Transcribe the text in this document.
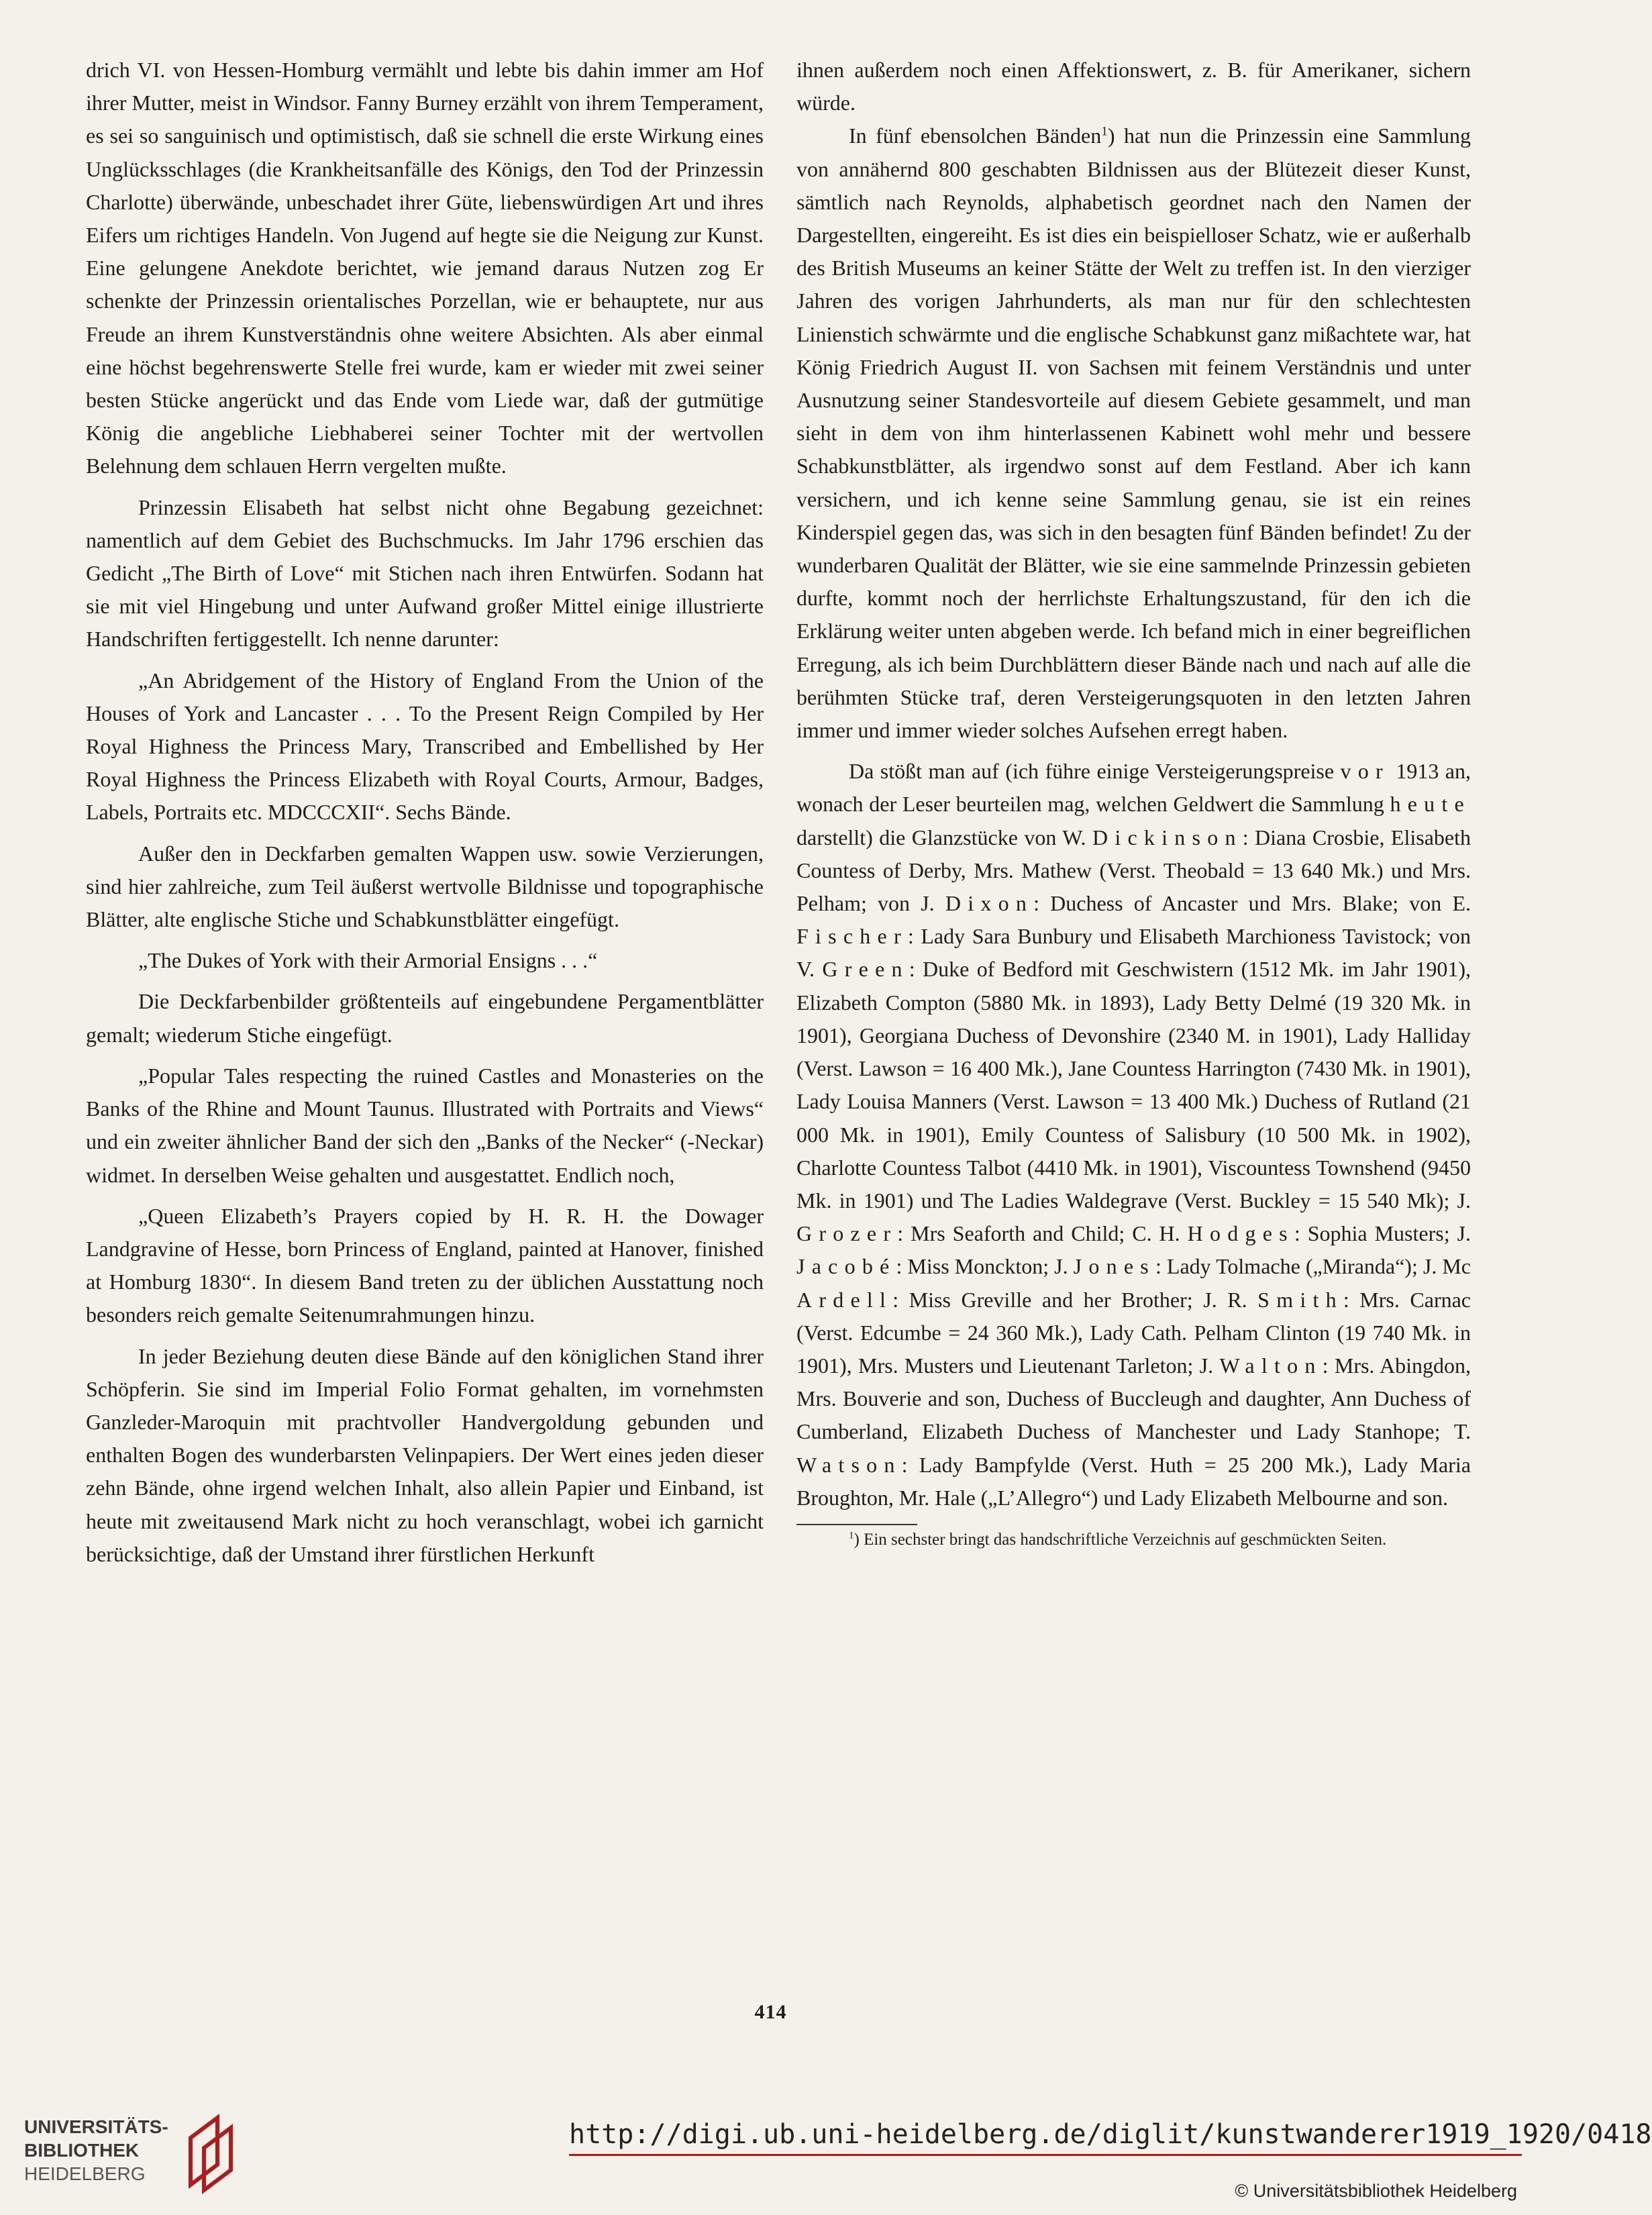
drich VI. von Hessen-Homburg vermählt und lebte bis dahin immer am Hof ihrer Mutter, meist in Windsor. Fanny Burney erzählt von ihrem Temperament, es sei so sanguinisch und optimistisch, daß sie schnell die erste Wirkung eines Unglücksschlages (die Krankheitsanfälle des Königs, den Tod der Prinzessin Charlotte) überwände, unbeschadet ihrer Güte, liebenswürdigen Art und ihres Eifers um richtiges Handeln. Von Jugend auf hegte sie die Neigung zur Kunst. Eine gelungene Anekdote berichtet, wie jemand daraus Nutzen zog Er schenkte der Prinzessin orientalisches Porzellan, wie er behauptete, nur aus Freude an ihrem Kunstverständnis ohne weitere Absichten. Als aber einmal eine höchst begehrenswerte Stelle frei wurde, kam er wieder mit zwei seiner besten Stücke angerückt und das Ende vom Liede war, daß der gutmütige König die angebliche Liebhaberei seiner Tochter mit der wertvollen Belehnung dem schlauen Herrn vergelten mußte.

Prinzessin Elisabeth hat selbst nicht ohne Begabung gezeichnet: namentlich auf dem Gebiet des Buchschmucks. Im Jahr 1796 erschien das Gedicht „The Birth of Love“ mit Stichen nach ihren Entwürfen. Sodann hat sie mit viel Hingebung und unter Aufwand großer Mittel einige illustrierte Handschriften fertiggestellt. Ich nenne darunter:

„An Abridgement of the History of England From the Union of the Houses of York and Lancaster . . . To the Present Reign Compiled by Her Royal Highness the Princess Mary, Transcribed and Embellished by Her Royal Highness the Princess Elizabeth with Royal Courts, Armour, Badges, Labels, Portraits etc. MDCCCXII“. Sechs Bände.

Außer den in Deckfarben gemalten Wappen usw. sowie Verzierungen, sind hier zahlreiche, zum Teil äußerst wertvolle Bildnisse und topographische Blätter, alte englische Stiche und Schabkunstblätter eingefügt.

„The Dukes of York with their Armorial Ensigns . . .“

Die Deckfarbenbilder größtenteils auf eingebundene Pergamentblätter gemalt; wiederum Stiche eingefügt.

„Popular Tales respecting the ruined Castles and Monasteries on the Banks of the Rhine and Mount Taunus. Illustrated with Portraits and Views“ und ein zweiter ähnlicher Band der sich den „Banks of the Necker“ (-Neckar) widmet. In derselben Weise gehalten und ausgestattet. Endlich noch,

„Queen Elizabeth’s Prayers copied by H. R. H. the Dowager Landgravine of Hesse, born Princess of England, painted at Hanover, finished at Homburg 1830“. In diesem Band treten zu der üblichen Ausstattung noch besonders reich gemalte Seitenumrahmungen hinzu.

In jeder Beziehung deuten diese Bände auf den königlichen Stand ihrer Schöpferin. Sie sind im Imperial Folio Format gehalten, im vornehmsten Ganzleder-Maroquin mit prachtvoller Handvergoldung gebunden und enthalten Bogen des wunderbarsten Velinpapiers. Der Wert eines jeden dieser zehn Bände, ohne irgend welchen Inhalt, also allein Papier und Einband, ist heute mit zweitausend Mark nicht zu hoch veranschlagt, wobei ich garnicht berücksichtige, daß der Umstand ihrer fürstlichen Herkunft

ihnen außerdem noch einen Affektionswert, z. B. für Amerikaner, sichern würde.

In fünf ebensolchen Bänden$^1$) hat nun die Prinzessin eine Sammlung von annähernd 800 geschabten Bildnissen aus der Blütezeit dieser Kunst, sämtlich nach Reynolds, alphabetisch geordnet nach den Namen der Dargestellten, eingereiht. Es ist dies ein beispielloser Schatz, wie er außerhalb des British Museums an keiner Stätte der Welt zu treffen ist. In den vierziger Jahren des vorigen Jahrhunderts, als man nur für den schlechtesten Linienstich schwärmte und die englische Schabkunst ganz mißachtete war, hat König Friedrich August II. von Sachsen mit feinem Verständnis und unter Ausnutzung seiner Standesvorteile auf diesem Gebiete gesammelt, und man sieht in dem von ihm hinterlassenen Kabinett wohl mehr und bessere Schabkunstblätter, als irgendwo sonst auf dem Festland. Aber ich kann versichern, und ich kenne seine Sammlung genau, sie ist ein reines Kinderspiel gegen das, was sich in den besagten fünf Bänden befindet! Zu der wunderbaren Qualität der Blätter, wie sie eine sammelnde Prinzessin gebieten durfte, kommt noch der herrlichste Erhaltungszustand, für den ich die Erklärung weiter unten abgeben werde. Ich befand mich in einer begreiflichen Erregung, als ich beim Durchblättern dieser Bände nach und nach auf alle die berühmten Stücke traf, deren Versteigerungsquoten in den letzten Jahren immer und immer wieder solches Aufsehen erregt haben.

Da stößt man auf (ich führe einige Versteigerungspreise vor 1913 an, wonach der Leser beurteilen mag, welchen Geldwert die Sammlung heute darstellt) die Glanzstücke von W. Dickinson: Diana Crosbie, Elisabeth Countess of Derby, Mrs. Mathew (Verst. Theobald = 13 640 Mk.) und Mrs. Pelham; von J. Dixon: Duchess of Ancaster und Mrs. Blake; von E. Fischer: Lady Sara Bunbury und Elisabeth Marchioness Tavistock; von V. Green: Duke of Bedford mit Geschwistern (1512 Mk. im Jahr 1901), Elizabeth Compton (5880 Mk. in 1893), Lady Betty Delmé (19 320 Mk. in 1901), Georgiana Duchess of Devonshire (2340 M. in 1901), Lady Halliday (Verst. Lawson = 16 400 Mk.), Jane Countess Harrington (7430 Mk. in 1901), Lady Louisa Manners (Verst. Lawson = 13 400 Mk.) Duchess of Rutland (21 000 Mk. in 1901), Emily Countess of Salisbury (10 500 Mk. in 1902), Charlotte Countess Talbot (4410 Mk. in 1901), Viscountess Townshend (9450 Mk. in 1901) und The Ladies Waldegrave (Verst. Buckley = 15 540 Mk); J. Grozer: Mrs Seaforth and Child; C. H. Hodges: Sophia Musters; J. Jacobé: Miss Monckton; J. Jones: Lady Tolmache („Miranda“); J. Mc Ardell: Miss Greville and her Brother; J. R. Smith: Mrs. Carnac (Verst. Edcumbe = 24 360 Mk.), Lady Cath. Pelham Clinton (19 740 Mk. in 1901), Mrs. Musters und Lieutenant Tarleton; J. Walton: Mrs. Abingdon, Mrs. Bouverie and son, Duchess of Buccleugh and daughter, Ann Duchess of Cumberland, Elizabeth Duchess of Manchester und Lady Stanhope; T. Watson: Lady Bampfylde (Verst. Huth = 25 200 Mk.), Lady Maria Broughton, Mr. Hale („L’Allegro“) und Lady Elizabeth Melbourne and son.

$^1$) Ein sechster bringt das handschriftliche Verzeichnis auf geschmückten Seiten.

414
UNIVERSITÄTS-
BIBLIOTHEK
HEIDELBERG
http://digi.ub.uni-heidelberg.de/diglit/kunstwanderer1919_1920/0418
© Universitätsbibliothek Heidelberg
